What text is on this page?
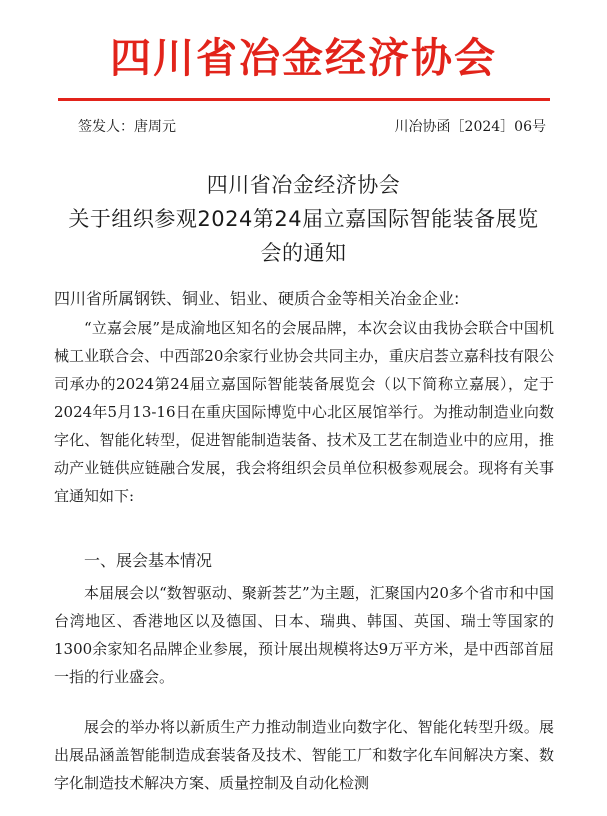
四川省冶金经济协会
签发人：唐周元	川冶协函［2024］06号
四川省冶金经济协会
关于组织参观2024第24届立嘉国际智能装备展览
会的通知
四川省所属钢铁、铜业、铝业、硬质合金等相关冶金企业:

“立嘉会展”是成渝地区知名的会展品牌，本次会议由我协会联合中国机械工业联合会、中西部20余家行业协会共同主办，重庆启荟立嘉科技有限公司承办的2024第24届立嘉国际智能装备展览会（以下简称立嘉展），定于2024年5月13-16日在重庆国际博览中心北区展馆举行。为推动制造业向数字化、智能化转型，促进智能制造装备、技术及工艺在制造业中的应用，推动产业链供应链融合发展，我会将组织会员单位积极参观展会。现将有关事宜通知如下:

一、展会基本情况

本届展会以“数智驱动、聚新荟艺”为主题，汇聚国内20多个省市和中国台湾地区、香港地区以及德国、日本、瑞典、韩国、英国、瑞士等国家的1300余家知名品牌企业参展，预计展出规模将达9万平方米，是中西部首屈一指的行业盛会。

展会的举办将以新质生产力推动制造业向数字化、智能化转型升级。展出展品涵盖智能制造成套装备及技术、智能工厂和数字化车间解决方案、数字化制造技术解决方案、质量控制及自动化检测
